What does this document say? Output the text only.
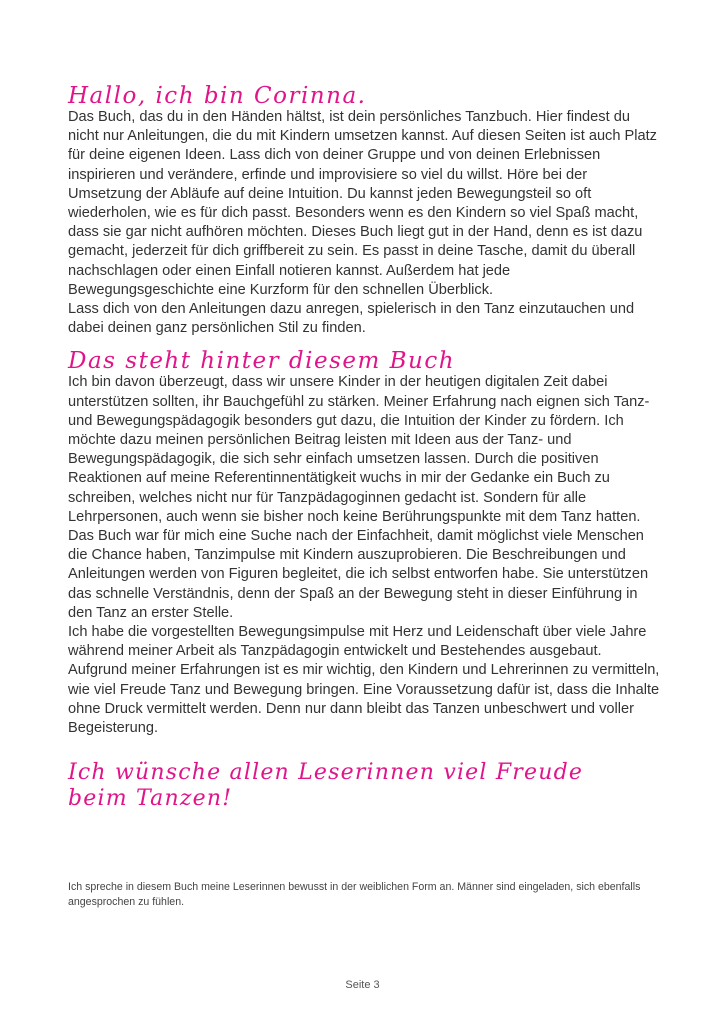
Hallo, ich bin Corinna.

Das Buch, das du in den Händen hältst, ist dein persönliches Tanzbuch. Hier findest du nicht nur Anleitungen, die du mit Kindern umsetzen kannst. Auf diesen Seiten ist auch Platz für deine eigenen Ideen. Lass dich von deiner Gruppe und von deinen Erlebnissen inspirieren und verändere, erfinde und improvisiere so viel du willst. Höre bei der Umsetzung der Abläufe auf deine Intuition. Du kannst jeden Bewegungsteil so oft wiederholen, wie es für dich passt. Besonders wenn es den Kindern so viel Spaß macht, dass sie gar nicht aufhören möchten. Dieses Buch liegt gut in der Hand, denn es ist dazu gemacht, jederzeit für dich griffbereit zu sein. Es passt in deine Tasche, damit du überall nachschlagen oder einen Einfall notieren kannst. Außerdem hat jede Bewegungsgeschichte eine Kurzform für den schnellen Überblick.

Lass dich von den Anleitungen dazu anregen, spielerisch in den Tanz einzutauchen und dabei deinen ganz persönlichen Stil zu finden.

Das steht hinter diesem Buch

Ich bin davon überzeugt, dass wir unsere Kinder in der heutigen digitalen Zeit dabei unterstützen sollten, ihr Bauchgefühl zu stärken. Meiner Erfahrung nach eignen sich Tanz- und Bewegungspädagogik besonders gut dazu, die Intuition der Kinder zu fördern. Ich möchte dazu meinen persönlichen Beitrag leisten mit Ideen aus der Tanz- und Bewegungspädagogik, die sich sehr einfach umsetzen lassen. Durch die positiven Reaktionen auf meine Referentinnentätigkeit wuchs in mir der Gedanke ein Buch zu schreiben, welches nicht nur für Tanzpädagoginnen gedacht ist. Sondern für alle Lehrpersonen, auch wenn sie bisher noch keine Berührungspunkte mit dem Tanz hatten. Das Buch war für mich eine Suche nach der Einfachheit, damit möglichst viele Menschen die Chance haben, Tanzimpulse mit Kindern auszuprobieren. Die Beschreibungen und Anleitungen werden von Figuren begleitet, die ich selbst entworfen habe. Sie unterstützen das schnelle Verständnis, denn der Spaß an der Bewegung steht in dieser Einführung in den Tanz an erster Stelle.

Ich habe die vorgestellten Bewegungsimpulse mit Herz und Leidenschaft über viele Jahre während meiner Arbeit als Tanzpädagogin entwickelt und Bestehendes ausgebaut. Aufgrund meiner Erfahrungen ist es mir wichtig, den Kindern und Lehrerinnen zu vermitteln, wie viel Freude Tanz und Bewegung bringen. Eine Voraussetzung dafür ist, dass die Inhalte ohne Druck vermittelt werden. Denn nur dann bleibt das Tanzen unbeschwert und voller Begeisterung.

Ich wünsche allen Leserinnen viel Freude beim Tanzen!

Ich spreche in diesem Buch meine Leserinnen bewusst in der weiblichen Form an. Männer sind eingeladen, sich ebenfalls angesprochen zu fühlen.

Seite 3
